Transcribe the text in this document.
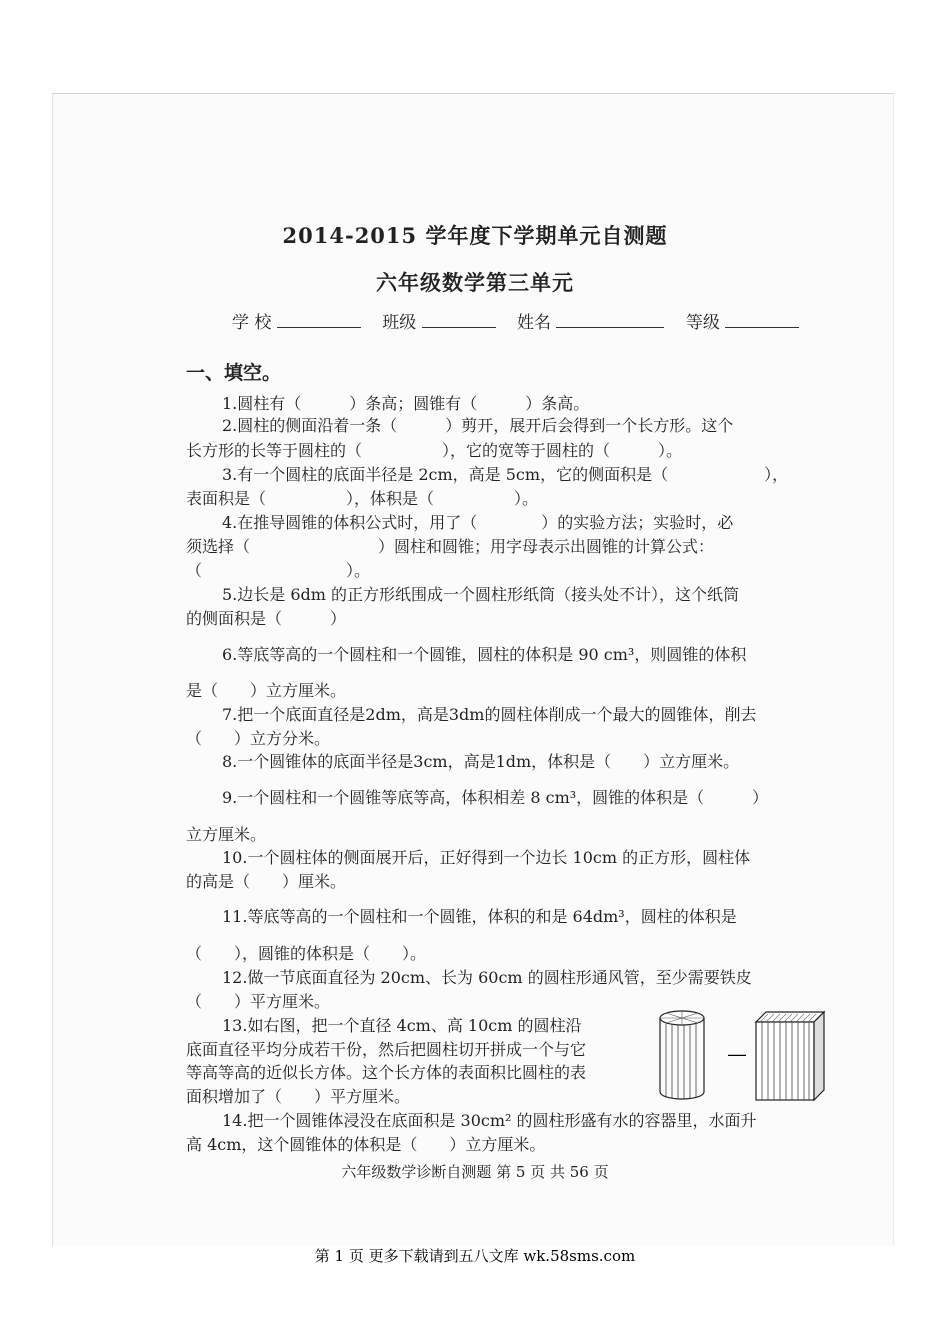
2014-2015 学年度下学期单元自测题
六年级数学第三单元
学 校	班级	姓名	等级
一、填空。
1.圆柱有（　　　）条高；圆锥有（　　　）条高。
2.圆柱的侧面沿着一条（　　　）剪开，展开后会得到一个长方形。这个
长方形的长等于圆柱的（　　　　　），它的宽等于圆柱的（　　　）。
3.有一个圆柱的底面半径是 2cm，高是 5cm，它的侧面积是（　　　　　　），
表面积是（　　　　　），体积是（　　　　　）。
4.在推导圆锥的体积公式时，用了（　　　　）的实验方法；实验时，必
须选择（　　　　　　　　）圆柱和圆锥；用字母表示出圆锥的计算公式：
（　　　　　　　　　）。
5.边长是 6dm 的正方形纸围成一个圆柱形纸筒（接头处不计），这个纸筒
的侧面积是（　　　）
6.等底等高的一个圆柱和一个圆锥，圆柱的体积是 90 cm³，则圆锥的体积
是（　　）立方厘米。
7.把一个底面直径是2dm，高是3dm的圆柱体削成一个最大的圆锥体，削去
（　　）立方分米。
8.一个圆锥体的底面半径是3cm，高是1dm，体积是（　　）立方厘米。
9.一个圆柱和一个圆锥等底等高，体积相差 8 cm³，圆锥的体积是（　　　）
立方厘米。
10.一个圆柱体的侧面展开后，正好得到一个边长 10cm 的正方形，圆柱体
的高是（　　）厘米。
11.等底等高的一个圆柱和一个圆锥，体积的和是 64dm³，圆柱的体积是
（　　），圆锥的体积是（　　）。
12.做一节底面直径为 20cm、长为 60cm 的圆柱形通风管，至少需要铁皮
（　　）平方厘米。
13.如右图，把一个直径 4cm、高 10cm 的圆柱沿
底面直径平均分成若干份，然后把圆柱切开拼成一个与它
等高等高的近似长方体。这个长方体的表面积比圆柱的表
面积增加了（　　）平方厘米。
14.把一个圆锥体浸没在底面积是 30cm² 的圆柱形盛有水的容器里，水面升
高 4cm，这个圆锥体的体积是（　　）立方厘米。
—
六年级数学诊断自测题 第 5 页 共 56 页
第 1 页 更多下载请到五八文库 wk.58sms.com
